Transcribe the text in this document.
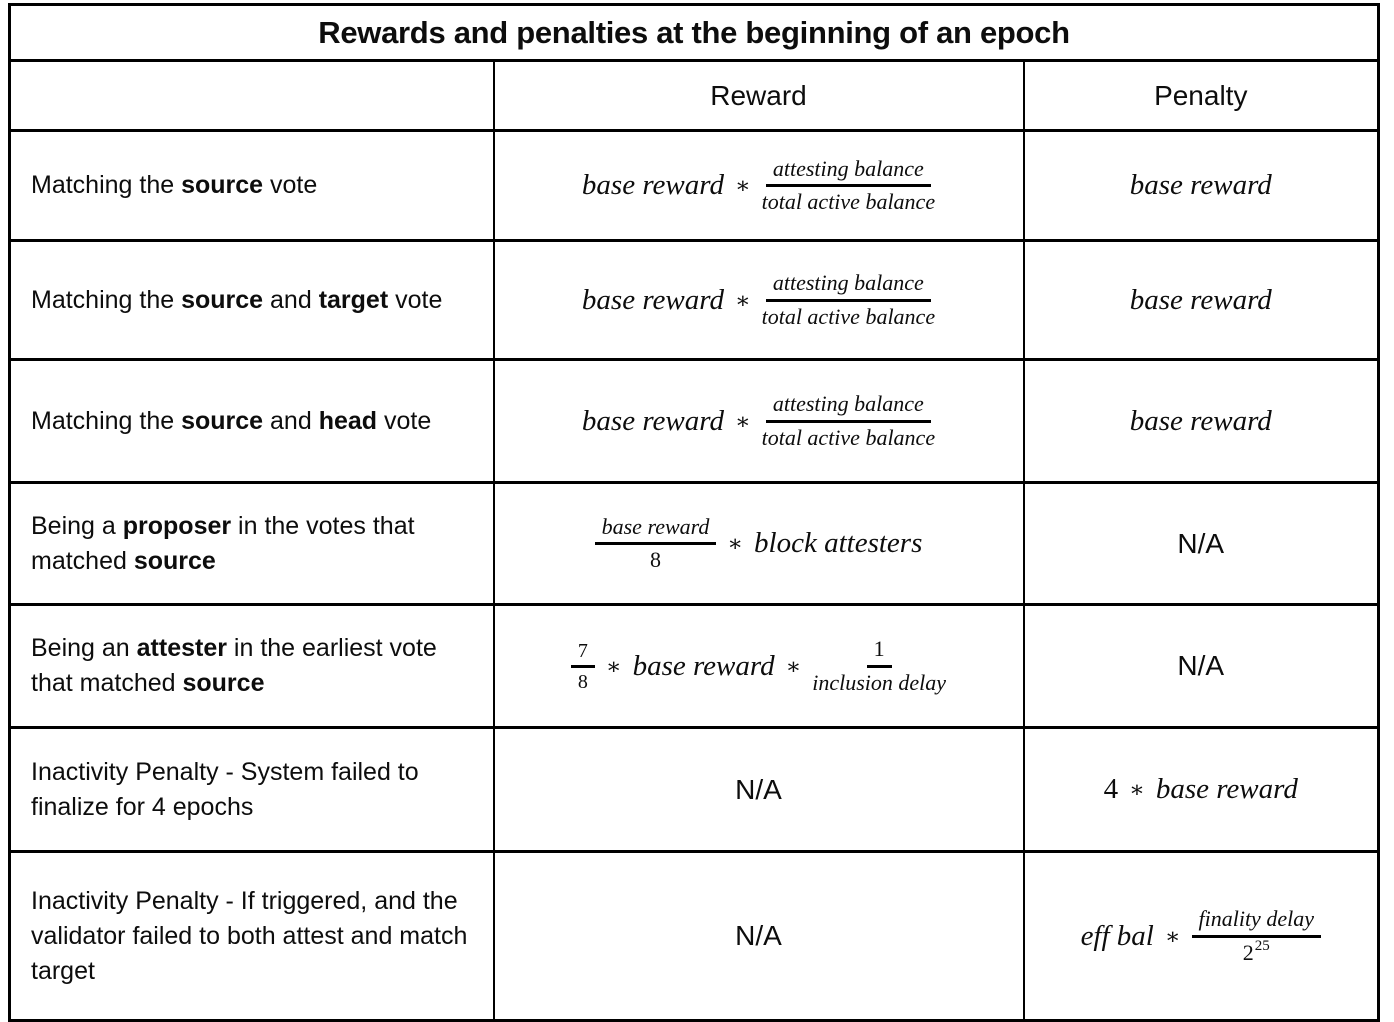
Rewards and penalties at the beginning of an epoch		
	Reward	Penalty
Matching the source vote	base reward ∗ $\frac{\text{attesting balance}}{\text{total active balance}}$	base reward

Matching the source and target vote	base reward ∗ $\frac{\text{attesting balance}}{\text{total active balance}}$	base reward

Matching the source and head vote	base reward ∗ $\frac{\text{attesting balance}}{\text{total active balance}}$	base reward

Being a proposer in the votes that matched source	$\frac{\text{base reward}}{8}$ ∗ block attesters	N/A
Being an attester in the earliest vote that matched source	$\frac{7}{8}$ ∗ base reward ∗ $\frac{1}{\text{inclusion delay}}$	N/A
Inactivity Penalty - System failed to finalize for 4 epochs	N/A	4 ∗ base reward

Inactivity Penalty - If triggered, and the validator failed to both attest and match target	N/A	eff bal ∗ $\frac{\text{finality delay}}{2^{25}}$
